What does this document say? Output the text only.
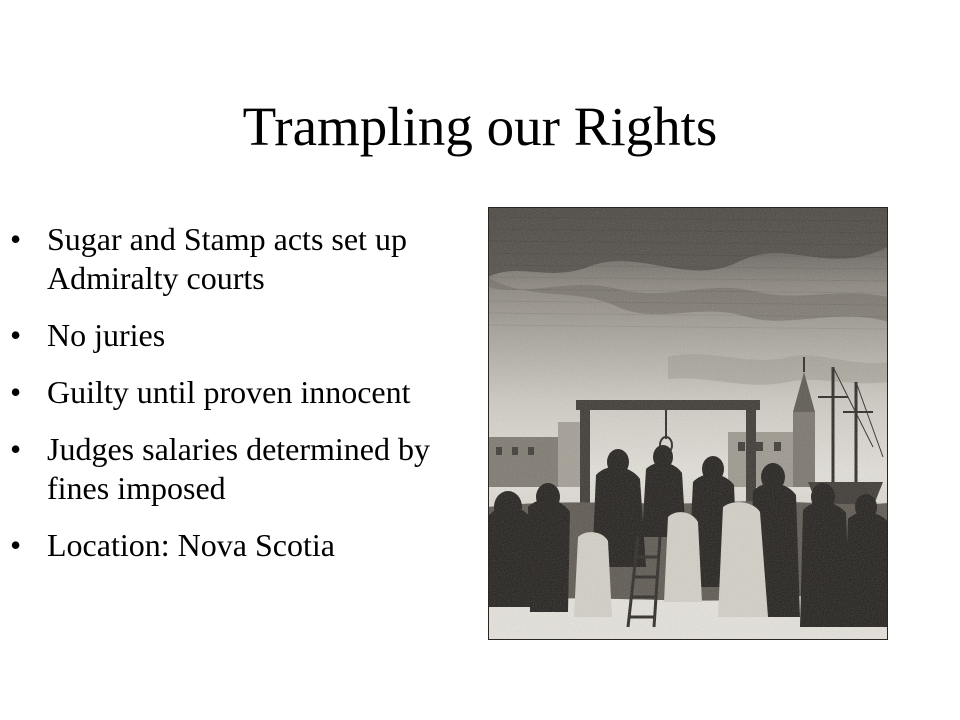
Trampling our Rights
• Sugar and Stamp acts set up Admiralty courts
• No juries
• Guilty until proven innocent
• Judges salaries determined by fines imposed
• Location: Nova Scotia
